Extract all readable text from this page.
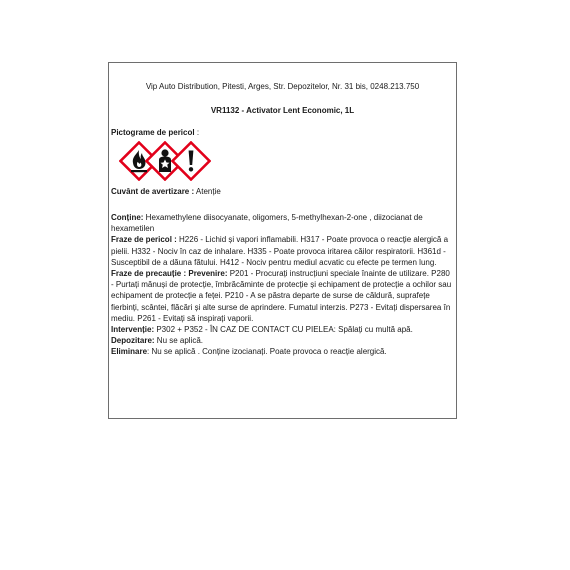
Vip Auto Distribution, Pitesti, Arges, Str. Depozitelor, Nr. 31 bis, 0248.213.750
VR1132 - Activator Lent Economic, 1L
Pictograme de pericol :
Cuvânt de avertizare : Atenție

Conține: Hexamethylene diisocyanate, oligomers, 5-methylhexan-2-one , diizocianat de hexametilen

Fraze de pericol : H226 - Lichid și vapori inflamabili. H317 - Poate provoca o reacție alergică a pielii. H332 - Nociv în caz de inhalare. H335 - Poate provoca iritarea căilor respiratorii. H361d - Susceptibil de a dăuna fătului. H412 - Nociv pentru mediul acvatic cu efecte pe termen lung.

Fraze de precauție : Prevenire: P201 - Procurați instrucțiuni speciale înainte de utilizare. P280 - Purtați mănuși de protecție, îmbrăcăminte de protecție și echipament de protecție a ochilor sau echipament de protecție a feței. P210 - A se păstra departe de surse de căldură, suprafețe fierbinți, scântei, flăcări și alte surse de aprindere. Fumatul interzis. P273 - Evitați dispersarea în mediu. P261 - Evitați să inspirați vaporii.

Intervenție: P302 + P352 - ÎN CAZ DE CONTACT CU PIELEA: Spălați cu multă apă.

Depozitare: Nu se aplică.

Eliminare: Nu se aplică . Conține izocianați. Poate provoca o reacție alergică.
